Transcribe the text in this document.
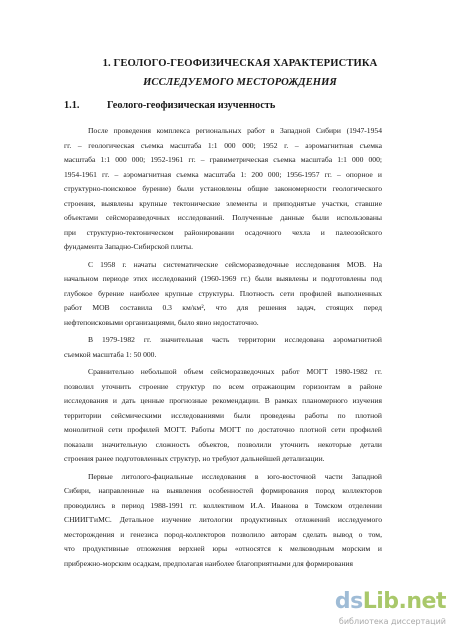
1. ГЕОЛОГО-ГЕОФИЗИЧЕСКАЯ ХАРАКТЕРИСТИКА
ИССЛЕДУЕМОГО МЕСТОРОЖДЕНИЯ
1.1.	Геолого-геофизическая изученность
После проведения комплекса региональных работ в Западной Сибири (1947-1954
гг. – геологическая съемка масштаба 1:1 000 000; 1952 г. – аэромагнитная съемка
масштаба 1:1 000 000; 1952-1961 гг. – гравиметрическая съемка масштаба 1:1 000 000;
1954-1961 гг. – аэромагнитная съемка масштаба 1: 200 000; 1956-1957 гг. – опорное и
структурно-поисковое бурение) были установлены общие закономерности геологического
строения, выявлены крупные тектонические элементы и приподнятые участки, ставшие
объектами сейсморазведочных исследований. Полученные данные были использованы
при структурно-тектоническом районировании осадочного чехла и палеозойского
фундамента Западно-Сибирской плиты.
С 1958 г. начаты систематические сейсморазведочные исследования МОВ. На
начальном периоде этих исследований (1960-1969 гг.) были выявлены и подготовлены под
глубокое бурение наиболее крупные структуры. Плотность сети профилей выполненных
работ МОВ составила 0.3 км/км², что для решения задач, стоящих перед
нефтепоисковыми организациями, было явно недостаточно.
В 1979-1982 гг. значительная часть территории исследована аэромагнитной
съемкой масштаба 1: 50 000.
Сравнительно небольшой объем сейсморазведочных работ МОГТ 1980-1982 гг.
позволил уточнить строение структур по всем отражающим горизонтам в районе
исследования и дать ценные прогнозные рекомендации. В рамках планомерного изучения
территории сейсмическими исследованиями были проведены работы по плотной
монолитной сети профилей МОГТ. Работы МОГТ по достаточно плотной сети профилей
показали значительную сложность объектов, позволили уточнить некоторые детали
строения ранее подготовленных структур, но требуют дальнейшей детализации.
Первые литолого-фациальные исследования в юго-восточной части Западной
Сибири, направленные на выявления особенностей формирования пород коллекторов
проводились в период 1988-1991 гг. коллективом И.А. Иванова в Томском отделении
СНИИГГиМС. Детальное изучение литологии продуктивных отложений исследуемого
месторождения и генезиса пород-коллекторов позволило авторам сделать вывод о том,
что продуктивные отложения верхней юры «относятся к мелководным морским и
прибрежно-морским осадкам, предполагая наиболее благоприятными для формирования
dsLib.net
библиотека диссертаций
